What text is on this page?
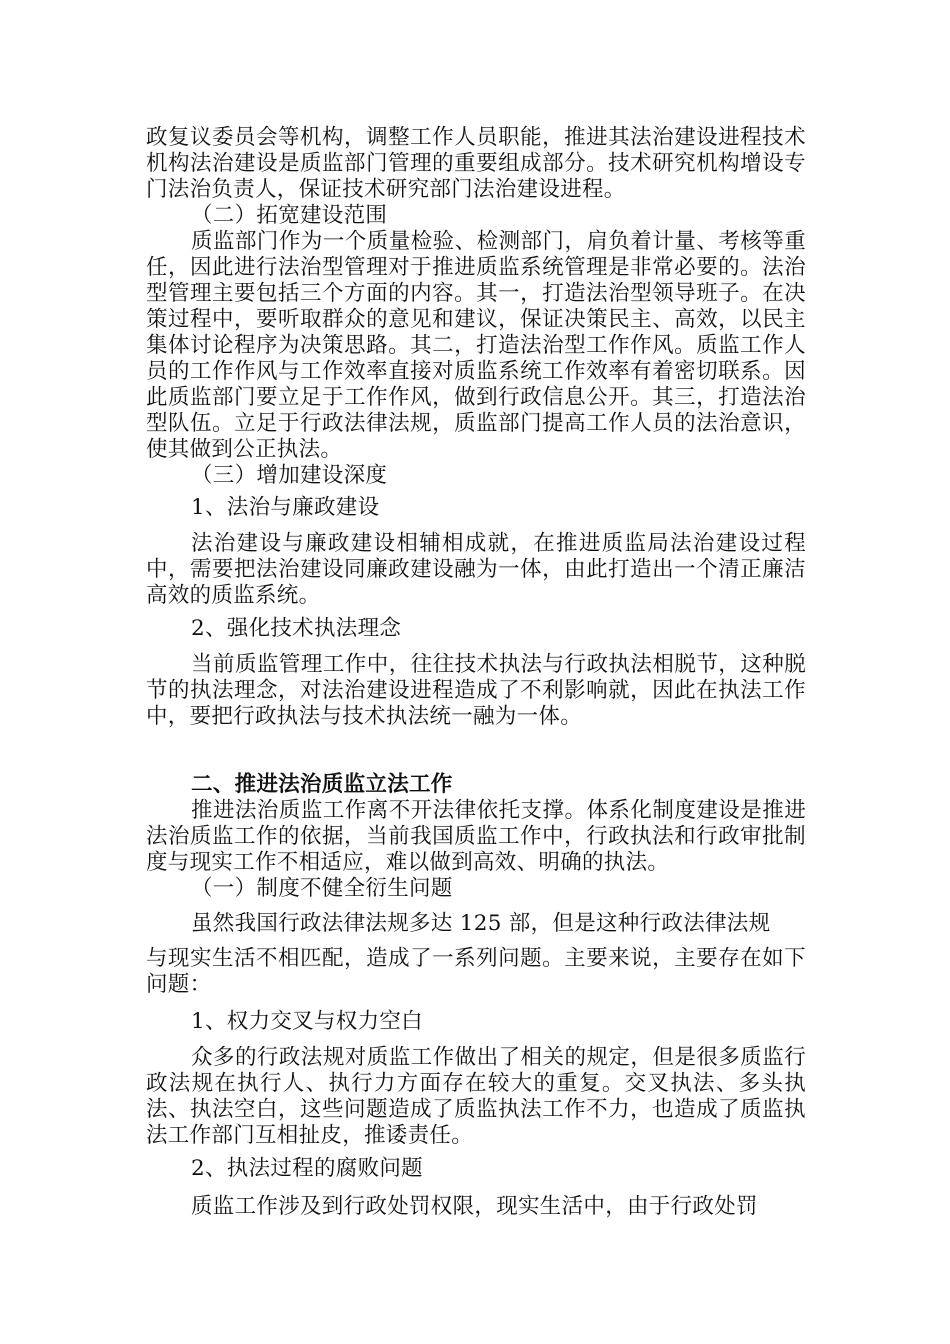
政复议委员会等机构，调整工作人员职能，推进其法治建设进程技术机构法治建设是质监部门管理的重要组成部分。技术研究机构增设专门法治负责人，保证技术研究部门法治建设进程。

（二）拓宽建设范围

质监部门作为一个质量检验、检测部门，肩负着计量、考核等重任，因此进行法治型管理对于推进质监系统管理是非常必要的。法治型管理主要包括三个方面的内容。其一，打造法治型领导班子。在决策过程中，要听取群众的意见和建议，保证决策民主、高效，以民主集体讨论程序为决策思路。其二，打造法治型工作作风。质监工作人员的工作作风与工作效率直接对质监系统工作效率有着密切联系。因此质监部门要立足于工作作风，做到行政信息公开。其三，打造法治型队伍。立足于行政法律法规，质监部门提高工作人员的法治意识，使其做到公正执法。

（三）增加建设深度

1、法治与廉政建设

法治建设与廉政建设相辅相成就，在推进质监局法治建设过程中，需要把法治建设同廉政建设融为一体，由此打造出一个清正廉洁高效的质监系统。

2、强化技术执法理念

当前质监管理工作中，往往技术执法与行政执法相脱节，这种脱节的执法理念，对法治建设进程造成了不利影响就，因此在执法工作中，要把行政执法与技术执法统一融为一体。

二、推进法治质监立法工作

推进法治质监工作离不开法律依托支撑。体系化制度建设是推进法治质监工作的依据，当前我国质监工作中，行政执法和行政审批制度与现实工作不相适应，难以做到高效、明确的执法。

（一）制度不健全衍生问题

虽然我国行政法律法规多达 125 部，但是这种行政法律法规

与现实生活不相匹配，造成了一系列问题。主要来说，主要存在如下问题：

1、权力交叉与权力空白

众多的行政法规对质监工作做出了相关的规定，但是很多质监行政法规在执行人、执行力方面存在较大的重复。交叉执法、多头执法、执法空白，这些问题造成了质监执法工作不力，也造成了质监执法工作部门互相扯皮，推诿责任。

2、执法过程的腐败问题

质监工作涉及到行政处罚权限，现实生活中，由于行政处罚
